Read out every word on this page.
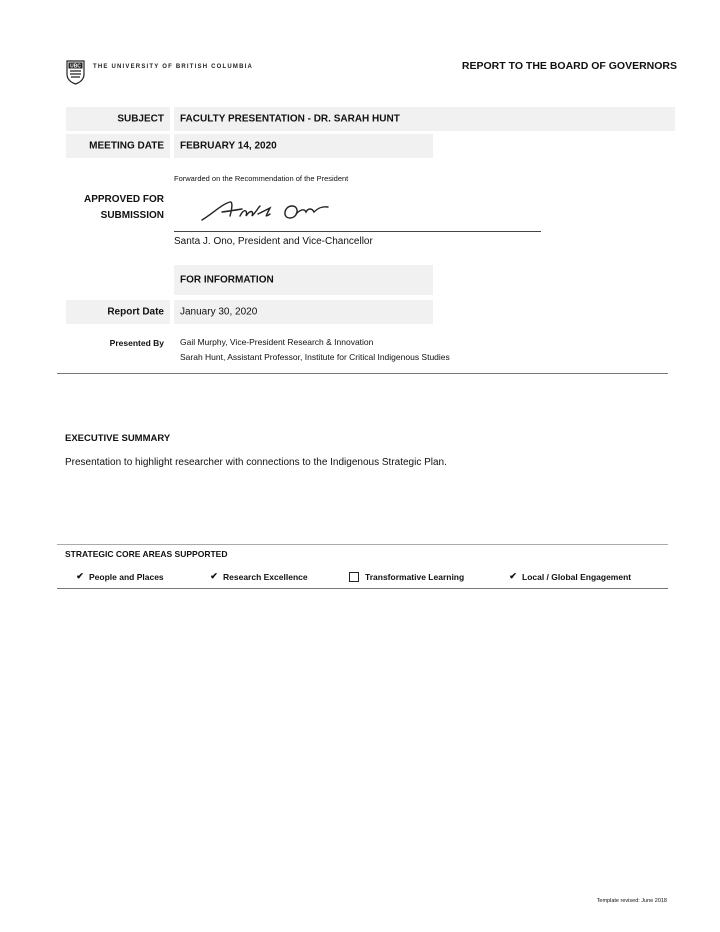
UBC THE UNIVERSITY OF BRITISH COLUMBIA	REPORT TO THE BOARD OF GOVERNORS
SUBJECT FACULTY PRESENTATION - DR. SARAH HUNT
MEETING DATE FEBRUARY 14, 2020
Forwarded on the Recommendation of the President
APPROVED FOR
SUBMISSION
Santa J. Ono, President and Vice-Chancellor
FOR INFORMATION
Report Date January 30, 2020
Presented By Gail Murphy, Vice-President Research & Innovation
Sarah Hunt, Assistant Professor, Institute for Critical Indigenous Studies
EXECUTIVE SUMMARY
Presentation to highlight researcher with connections to the Indigenous Strategic Plan.
STRATEGIC CORE AREAS SUPPORTED
✔ People and Places	✔ Research Excellence	Transformative Learning	✔ Local / Global Engagement
Template revised: June 2018
